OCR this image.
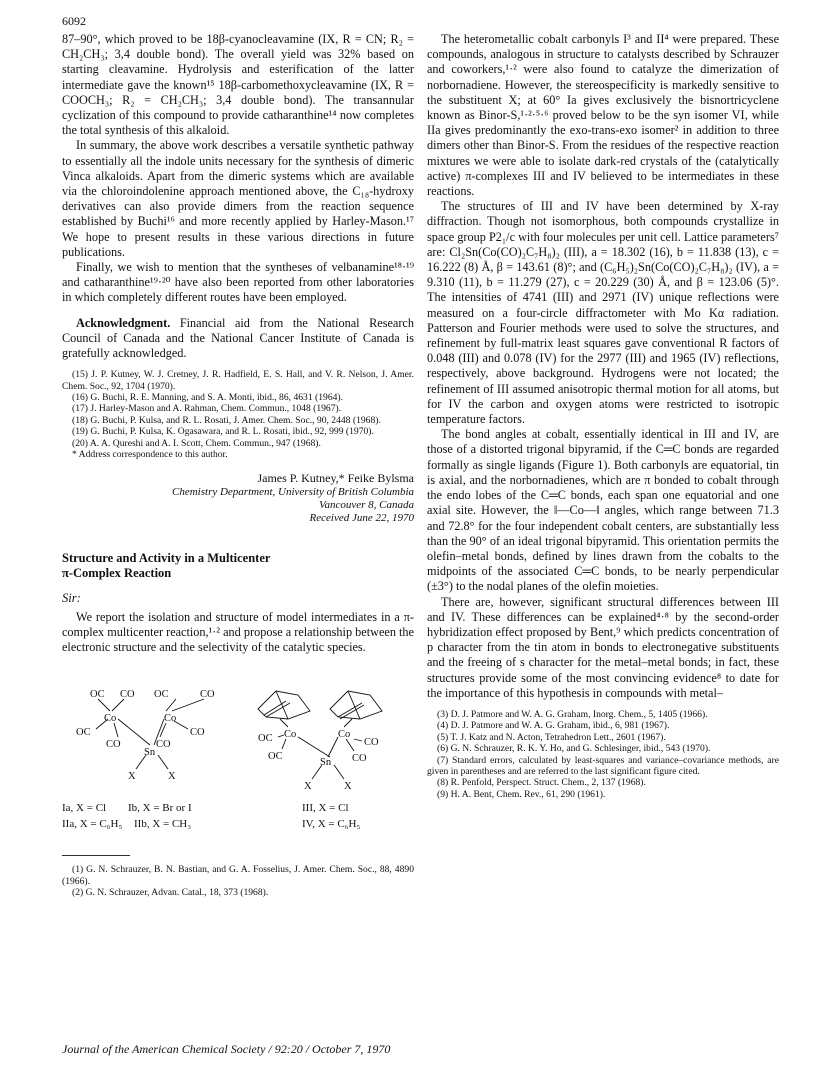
6092

87–90°, which proved to be 18β-cyanocleavamine (IX, R = CN; R₂ = CH₂CH₃; 3,4 double bond). The overall yield was 32% based on starting cleavamine. Hydrolysis and esterification of the latter intermediate gave the known¹⁵ 18β-carbomethoxycleavamine (IX, R = COOCH₃; R₂ = CH₂CH₃; 3,4 double bond). The transannular cyclization of this compound to provide catharanthine¹⁴ now completes the total synthesis of this alkaloid.

In summary, the above work describes a versatile synthetic pathway to essentially all the indole units necessary for the synthesis of dimeric Vinca alkaloids. Apart from the dimeric systems which are available via the chloroindolenine approach mentioned above, the C₁₈-hydroxy derivatives can also provide dimers from the reaction sequence established by Buchi¹⁶ and more recently applied by Harley-Mason.¹⁷ We hope to present results in these various directions in future publications.

Finally, we wish to mention that the syntheses of velbanamine¹⁸·¹⁹ and catharanthine¹⁹·²⁰ have also been reported from other laboratories in which completely different routes have been employed.

Acknowledgment. Financial aid from the National Research Council of Canada and the National Cancer Institute of Canada is gratefully acknowledged.

(15) J. P. Kutney, W. J. Cretney, J. R. Hadfield, E. S. Hall, and V. R. Nelson, J. Amer. Chem. Soc., 92, 1704 (1970).

(16) G. Buchi, R. E. Manning, and S. A. Monti, ibid., 86, 4631 (1964).

(17) J. Harley-Mason and A. Rahman, Chem. Commun., 1048 (1967).

(18) G. Buchi, P. Kulsa, and R. L. Rosati, J. Amer. Chem. Soc., 90, 2448 (1968).

(19) G. Buchi, P. Kulsa, K. Ogasawara, and R. L. Rosati, ibid., 92, 999 (1970).

(20) A. A. Qureshi and A. I. Scott, Chem. Commun., 947 (1968).

* Address correspondence to this author.

James P. Kutney,* Feike Bylsma
Chemistry Department, University of British Columbia
Vancouver 8, Canada
Received June 22, 1970
Structure and Activity in a Multicenter
π-Complex Reaction
Sir:

We report the isolation and structure of model intermediates in a π-complex multicenter reaction,¹·² and propose a relationship between the electronic structure and the selectivity of the catalytic species.

OC CO OC	CO
Co	Co
OC	CO
CO	CO
Sn
X	X
Co	Co
OC	CO
OC	CO
Sn
X	X
Ia, X = Cl Ib, X = Br or I
IIa, X = C₆H₅ IIb, X = CH₃
III, X = Cl
IV, X = C₆H₅

(1) G. N. Schrauzer, B. N. Bastian, and G. A. Fosselius, J. Amer. Chem. Soc., 88, 4890 (1966).

(2) G. N. Schrauzer, Advan. Catal., 18, 373 (1968).

The heterometallic cobalt carbonyls I³ and II⁴ were prepared. These compounds, analogous in structure to catalysts described by Schrauzer and coworkers,¹·² were also found to catalyze the dimerization of norbornadiene. However, the stereospecificity is markedly sensitive to the substituent X; at 60° Ia gives exclusively the bisnortricyclene known as Binor-S,¹·²·⁵·⁶ proved below to be the syn isomer VI, while IIa gives predominantly the exo-trans-exo isomer² in addition to three dimers other than Binor-S. From the residues of the respective reaction mixtures we were able to isolate dark-red crystals of the (catalytically active) π-complexes III and IV believed to be intermediates in these reactions.

The structures of III and IV have been determined by X-ray diffraction. Though not isomorphous, both compounds crystallize in space group P2₁/c with four molecules per unit cell. Lattice parameters⁷ are: Cl₂Sn(Co(CO)₂C₇H₈)₂ (III), a = 18.302 (16), b = 11.838 (13), c = 16.222 (8) Å, β = 143.61 (8)°; and (C₆H₅)₂Sn(Co(CO)₂C₇H₈)₂ (IV), a = 9.310 (11), b = 11.279 (27), c = 20.229 (30) Å, and β = 123.06 (5)°. The intensities of 4741 (III) and 2971 (IV) unique reflections were measured on a four-circle diffractometer with Mo Kα radiation. Patterson and Fourier methods were used to solve the structures, and refinement by full-matrix least squares gave conventional R factors of 0.048 (III) and 0.078 (IV) for the 2977 (III) and 1965 (IV) reflections, respectively, above background. Hydrogens were not located; the refinement of III assumed anisotropic thermal motion for all atoms, but for IV the carbon and oxygen atoms were restricted to isotropic temperature factors.

The bond angles at cobalt, essentially identical in III and IV, are those of a distorted trigonal bipyramid, if the C═C bonds are regarded formally as single ligands (Figure 1). Both carbonyls are equatorial, tin is axial, and the norbornadienes, which are π bonded to cobalt through the endo lobes of the C═C bonds, each span one equatorial and one axial site. However, the ‖—Co—‖ angles, which range between 71.3 and 72.8° for the four independent cobalt centers, are substantially less than the 90° of an ideal trigonal bipyramid. This orientation permits the olefin–metal bonds, defined by lines drawn from the cobalts to the midpoints of the associated C═C bonds, to be nearly perpendicular (±3°) to the nodal planes of the olefin moieties.

There are, however, significant structural differences between III and IV. These differences can be explained⁴·⁸ by the second-order hybridization effect proposed by Bent,⁹ which predicts concentration of p character from the tin atom in bonds to electronegative substituents and the freeing of s character for the metal–metal bonds; in fact, these structures provide some of the most convincing evidence⁸ to date for the importance of this hypothesis in compounds with metal–

(3) D. J. Patmore and W. A. G. Graham, Inorg. Chem., 5, 1405 (1966).

(4) D. J. Patmore and W. A. G. Graham, ibid., 6, 981 (1967).

(5) T. J. Katz and N. Acton, Tetrahedron Lett., 2601 (1967).

(6) G. N. Schrauzer, R. K. Y. Ho, and G. Schlesinger, ibid., 543 (1970).

(7) Standard errors, calculated by least-squares and variance–covariance methods, are given in parentheses and are referred to the last significant figure cited.

(8) R. Penfold, Perspect. Struct. Chem., 2, 137 (1968).

(9) H. A. Bent, Chem. Rev., 61, 290 (1961).

Journal of the American Chemical Society / 92:20 / October 7, 1970
